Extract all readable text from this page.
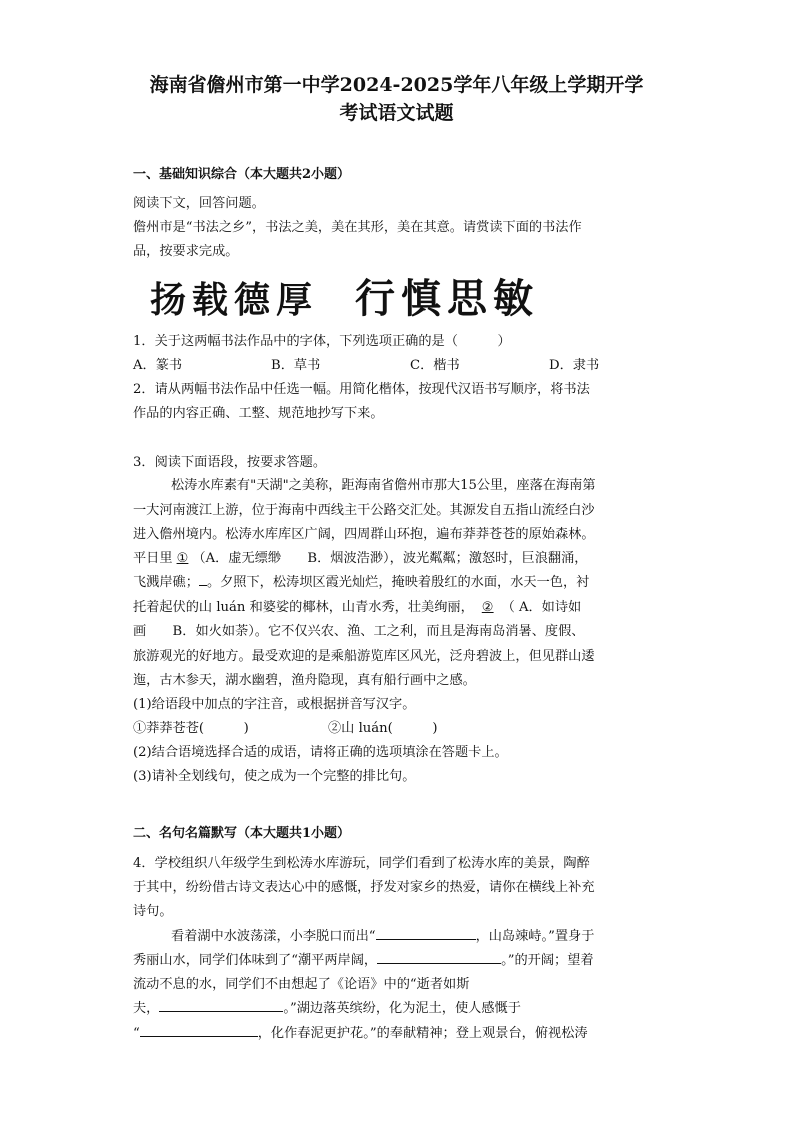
海南省儋州市第一中学2024-2025学年八年级上学期开学
考试语文试题
一、基础知识综合（本大题共2小题）
阅读下文，回答问题。
儋州市是“书法之乡”，书法之美，美在其形，美在其意。请赏读下面的书法作
品，按要求完成。
扬载德厚 行慎思敏
1．关于这两幅书法作品中的字体，下列选项正确的是（　　　）
A．篆书	B．草书	C．楷书	D．隶书
2．请从两幅书法作品中任选一幅。用简化楷体，按现代汉语书写顺序，将书法
作品的内容正确、工整、规范地抄写下来。
3．阅读下面语段，按要求答题。
松涛水库素有"天湖"之美称，距海南省儋州市那大15公里，座落在海南第
一大河南渡江上游，位于海南中西线主干公路交汇处。其源发自五指山流经白沙
进入儋州境内。松涛水库库区广阔，四周群山环抱，遍布莽莽苍苍的原始森林。
平日里 ① （A．虚无缥缈　　B．烟波浩渺），波光粼粼；激怒时，巨浪翻涌，
飞溅岸礁； 。夕照下，松涛坝区霞光灿烂，掩映着殷红的水面，水天一色，衬
托着起伏的山 luán 和婆娑的椰林，山青水秀，壮美绚丽， ② （ A．如诗如
画　　B．如火如荼）。它不仅兴农、渔、工之利，而且是海南岛消暑、度假、
旅游观光的好地方。最受欢迎的是乘船游览库区风光，泛舟碧波上，但见群山逶
迤，古木参天，湖水幽碧，渔舟隐现，真有船行画中之感。
(1)给语段中加点的字注音，或根据拼音写汉字。
①莽莽苍苍(　　　)	②山 luán(　　　)
(2)结合语境选择合适的成语，请将正确的选项填涂在答题卡上。
(3)请补全划线句，使之成为一个完整的排比句。
二、名句名篇默写（本大题共1小题）
4．学校组织八年级学生到松涛水库游玩，同学们看到了松涛水库的美景，陶醉
于其中，纷纷借古诗文表达心中的感慨，抒发对家乡的热爱，请你在横线上补充
诗句。
看着湖中水波荡漾，小李脱口而出“	，山岛竦峙。”置身于
秀丽山水，同学们体味到了“潮平两岸阔，	。”的开阔；望着
流动不息的水，同学们不由想起了《论语》中的“逝者如斯
夫，	。”湖边落英缤纷，化为泥土，使人感慨于
“	，化作春泥更护花。”的奉献精神；登上观景台，俯视松涛
